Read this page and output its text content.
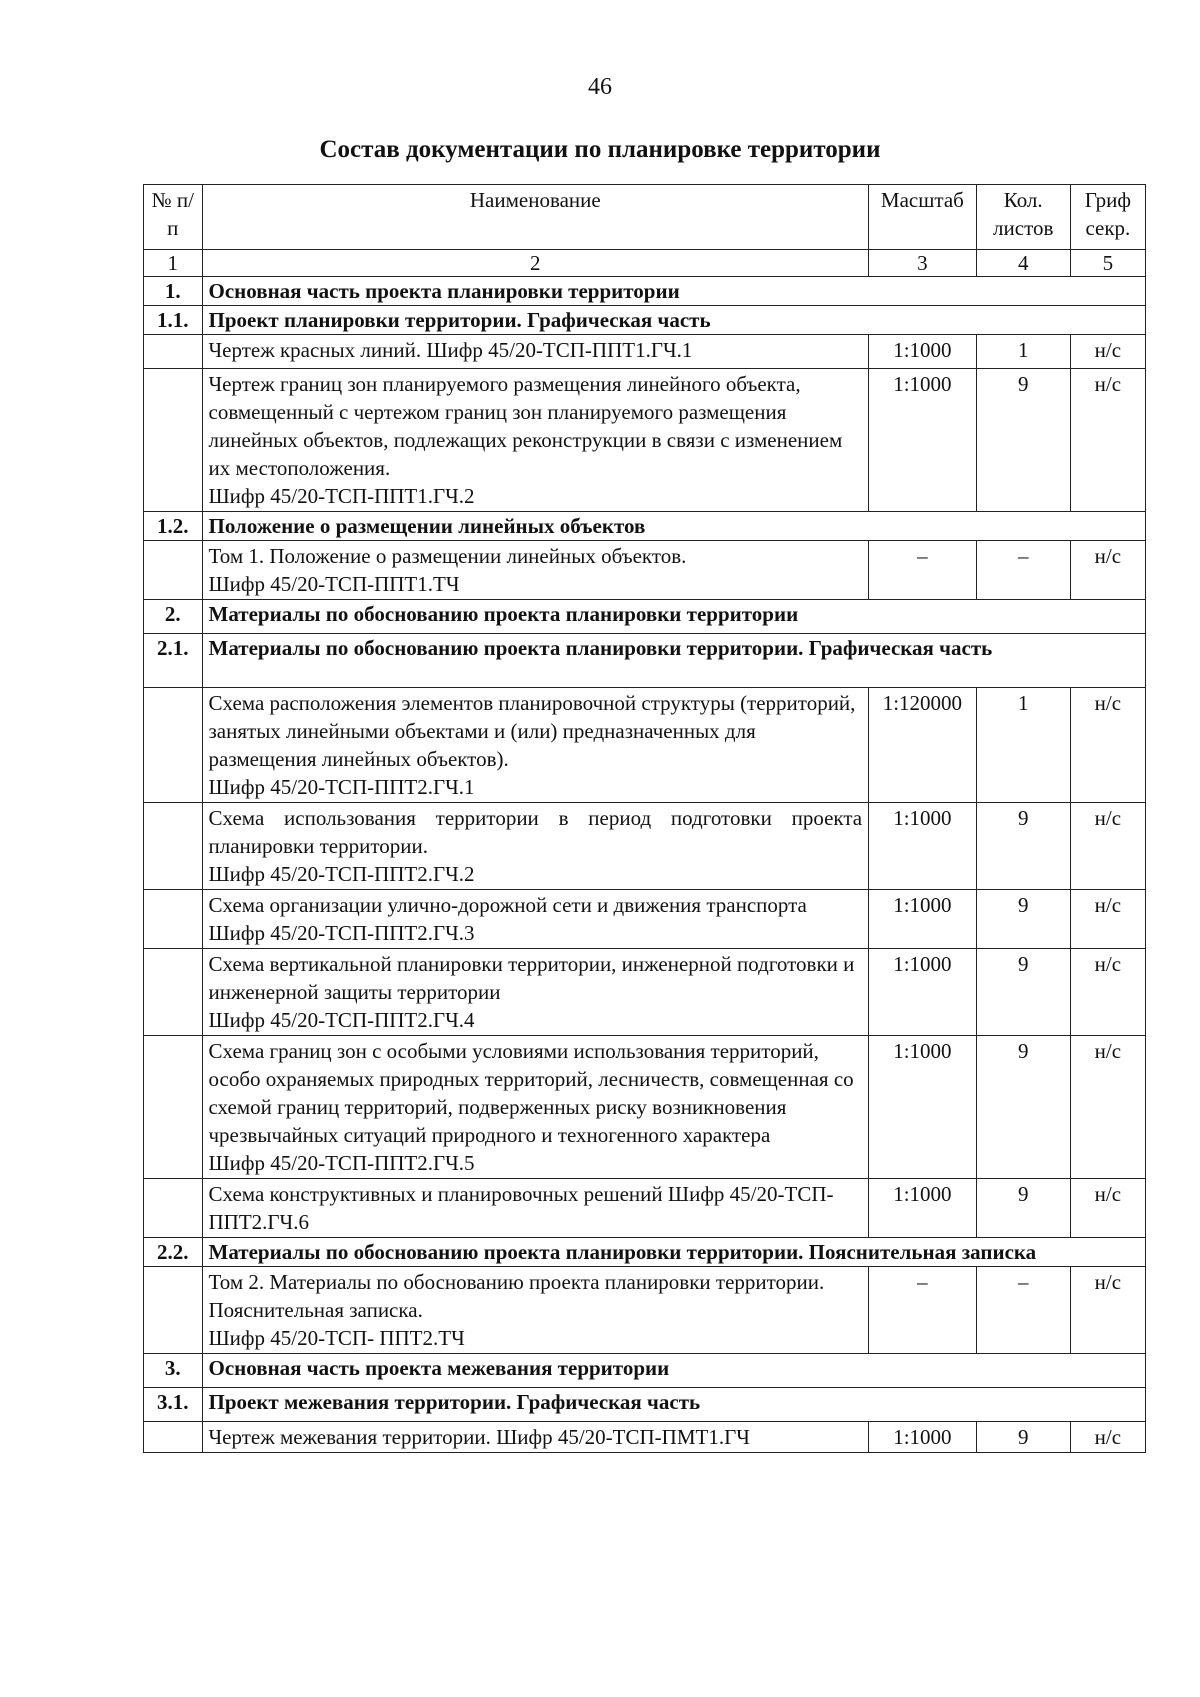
46
Состав документации по планировке территории
№ п/п	Наименование	Масштаб	Кол. листов	Гриф секр.
1	2	3	4	5
1.	Основная часть проекта планировки территории			
1.1.	Проект планировки территории. Графическая часть			
	Чертеж красных линий. Шифр 45/20-ТСП-ППТ1.ГЧ.1	1:1000	1	н/с

	Чертеж границ зон планируемого размещения линейного объекта, совмещенный с чертежом границ зон планируемого размещения линейных объектов, подлежащих реконструкции в связи с изменением их местоположения.
Шифр 45/20-ТСП-ППТ1.ГЧ.2	1:1000	9	н/с
1.2.	Положение о размещении линейных объектов			

	Том 1. Положение о размещении линейных объектов.
Шифр 45/20-ТСП-ППТ1.ТЧ	–	–	н/с
2.	Материалы по обоснованию проекта планировки территории			
2.1.	Материалы по обоснованию проекта планировки территории. Графическая часть			

	Схема расположения элементов планировочной структуры (территорий, занятых линейными объектами и (или) предназначенных для размещения линейных объектов).
Шифр 45/20-ТСП-ППТ2.ГЧ.1	1:120000	1	н/с

	Схема использования территории в период подготовки проекта планировки территории.
Шифр 45/20-ТСП-ППТ2.ГЧ.2	1:1000	9	н/с

	Схема организации улично-дорожной сети и движения транспорта
Шифр 45/20-ТСП-ППТ2.ГЧ.3	1:1000	9	н/с

	Схема вертикальной планировки территории, инженерной подготовки и инженерной защиты территории
Шифр 45/20-ТСП-ППТ2.ГЧ.4	1:1000	9	н/с

	Схема границ зон с особыми условиями использования территорий, особо охраняемых природных территорий, лесничеств, совмещенная со схемой границ территорий, подверженных риску возникновения чрезвычайных ситуаций природного и техногенного характера
Шифр 45/20-ТСП-ППТ2.ГЧ.5	1:1000	9	н/с
	Схема конструктивных и планировочных решений Шифр 45/20-ТСП-ППТ2.ГЧ.6	1:1000	9	н/с
2.2.	Материалы по обоснованию проекта планировки территории. Пояснительная записка			

	Том 2. Материалы по обоснованию проекта планировки территории. Пояснительная записка.
Шифр 45/20-ТСП- ППТ2.ТЧ	–	–	н/с
3.	Основная часть проекта межевания территории			
3.1.	Проект межевания территории. Графическая часть			
	Чертеж межевания территории. Шифр 45/20-ТСП-ПМТ1.ГЧ	1:1000	9	н/с
